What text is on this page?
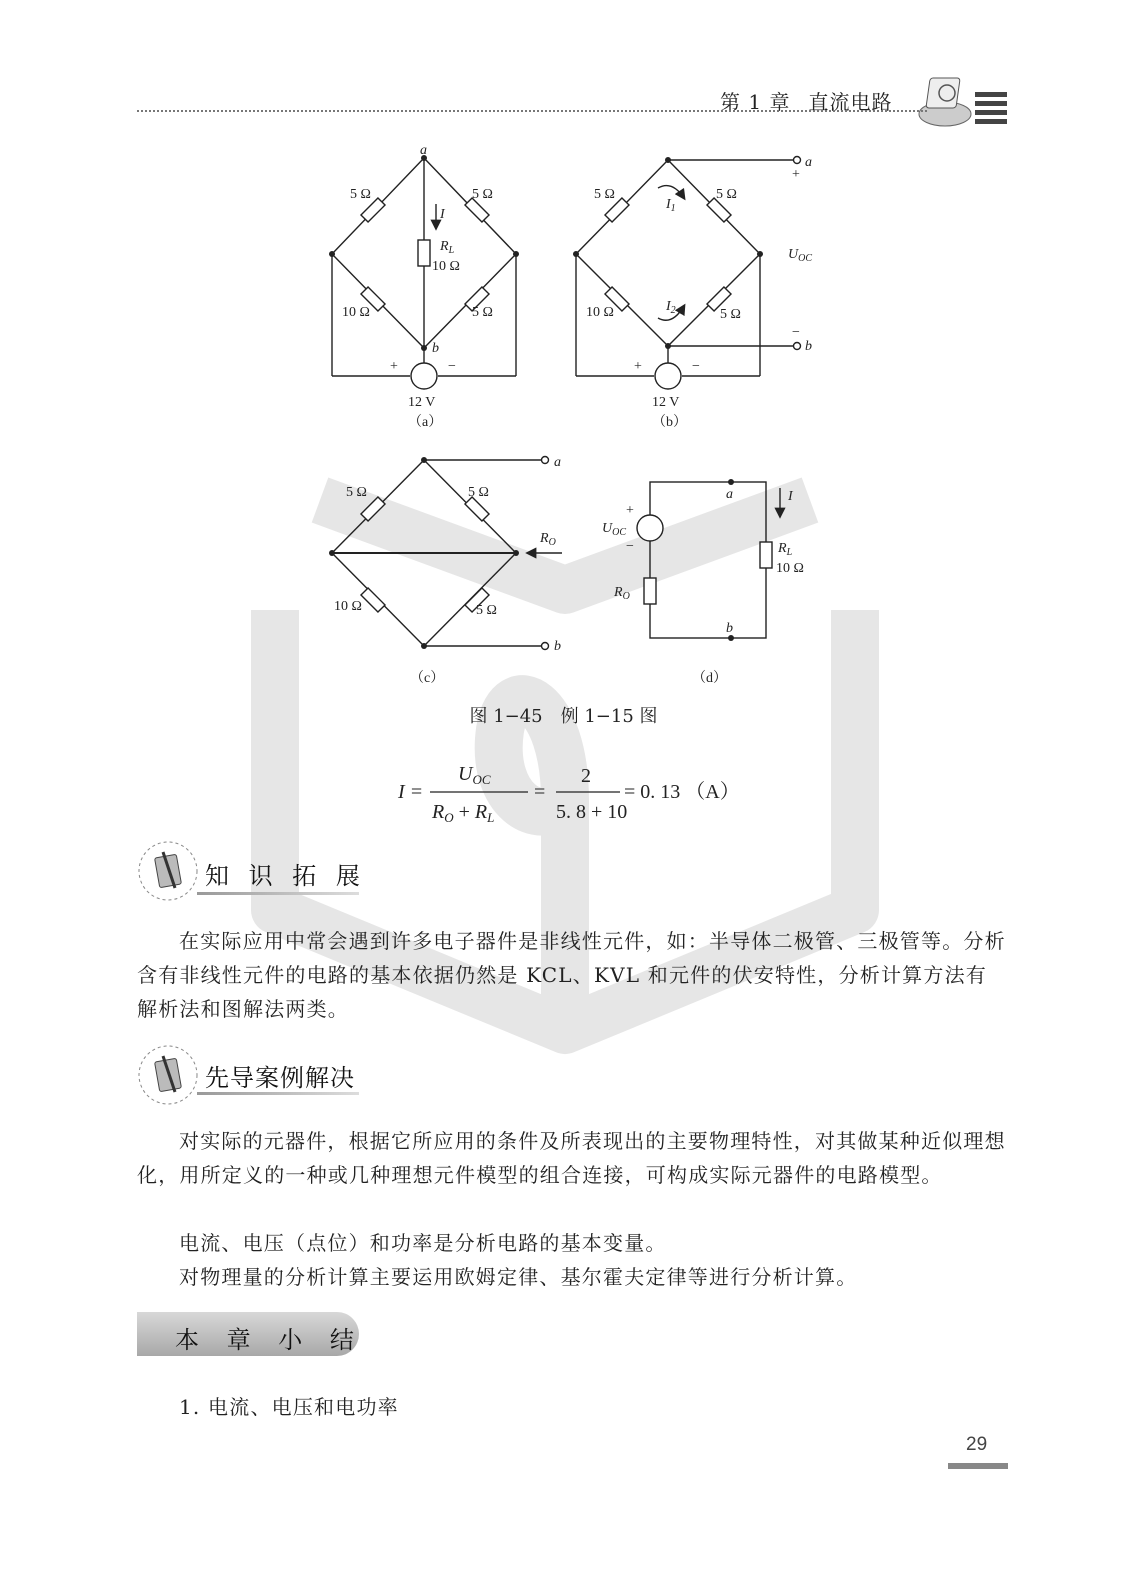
第 1 章 直流电路
a
b
5 Ω	5 Ω
10 Ω	5 Ω
I
$R_L$
10 Ω
+	−
12 V
（a）
a
b
+
−
$U_{OC}$
5 Ω	5 Ω
10 Ω	5 Ω
$I_1$
$I_2$
+	−
12 V
（b）
a
b
5 Ω	5 Ω
10 Ω	5 Ω
$R_O$
（c）
a
b
+
−
$U_{OC}$
$R_O$
I
$R_L$
10 Ω
（d）
图 1−45　例 1−15 图
I =
$U_{OC}$
$R_O + R_L$
=
2
5. 8 + 10
= 0. 13 （A）
知 识 拓 展
在实际应用中常会遇到许多电子器件是非线性元件，如：半导体二极管、三极管等。分析含有非线性元件的电路的基本依据仍然是 KCL、KVL 和元件的伏安特性，分析计算方法有解析法和图解法两类。
先导案例解决
对实际的元器件，根据它所应用的条件及所表现出的主要物理特性，对其做某种近似理想化，用所定义的一种或几种理想元件模型的组合连接，可构成实际元器件的电路模型。
电流、电压（点位）和功率是分析电路的基本变量。
对物理量的分析计算主要运用欧姆定律、基尔霍夫定律等进行分析计算。
本 章 小 结
1. 电流、电压和电功率
29
